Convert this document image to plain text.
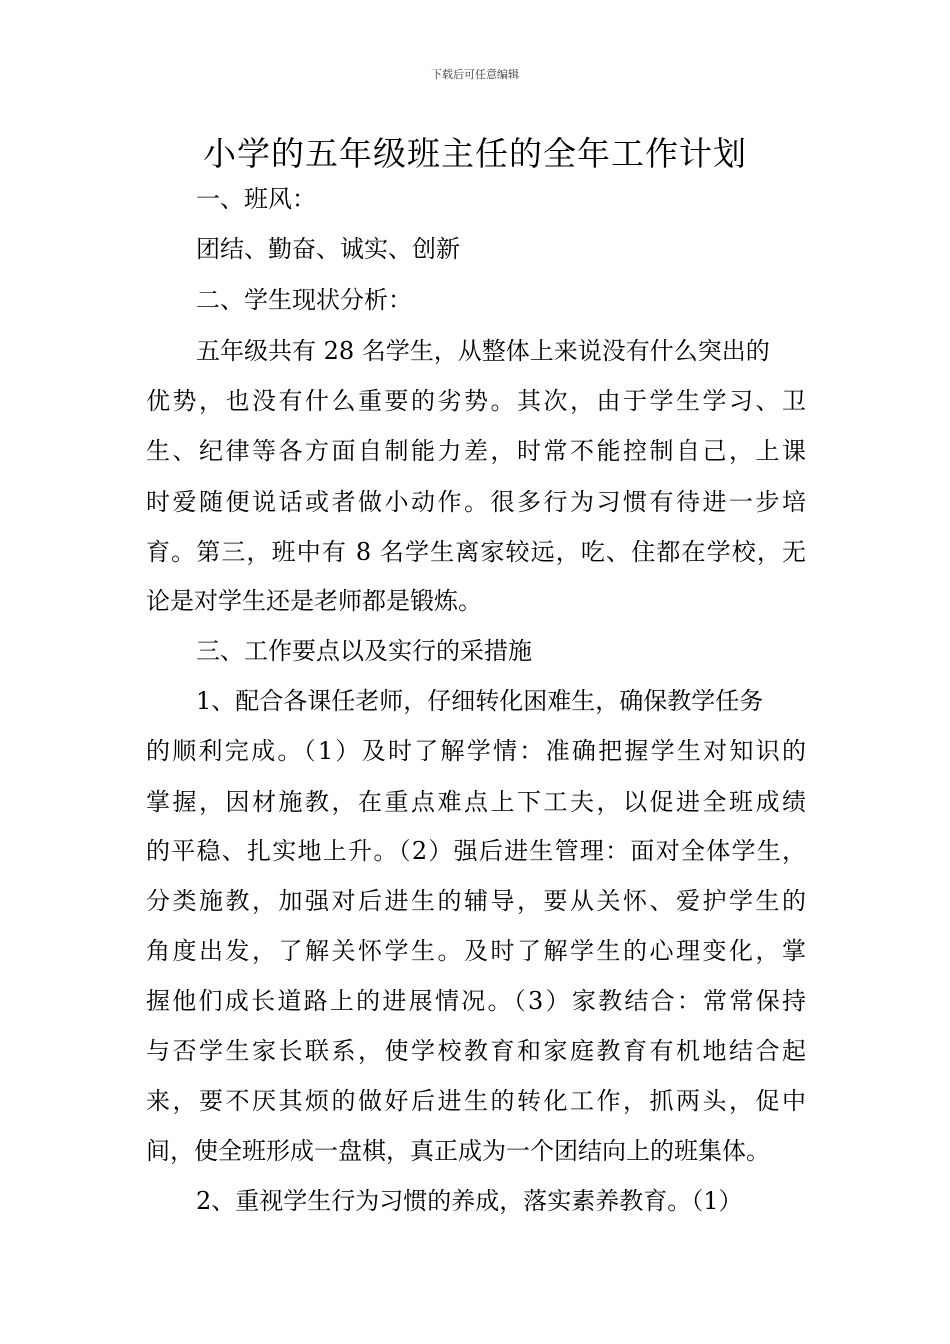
下载后可任意编辑
小学的五年级班主任的全年工作计划
一、班风：
团结、勤奋、诚实、创新
二、学生现状分析：
五年级共有 28 名学生，从整体上来说没有什么突出的
优势，也没有什么重要的劣势。其次，由于学生学习、卫
生、纪律等各方面自制能力差，时常不能控制自己，上课
时爱随便说话或者做小动作。很多行为习惯有待进一步培
育。第三，班中有 8 名学生离家较远，吃、住都在学校，无
论是对学生还是老师都是锻炼。
三、工作要点以及实行的采措施
1、配合各课任老师，仔细转化困难生，确保教学任务
的顺利完成。（1）及时了解学情：准确把握学生对知识的
掌握，因材施教，在重点难点上下工夫，以促进全班成绩
的平稳、扎实地上升。（2）强后进生管理：面对全体学生，
分类施教，加强对后进生的辅导，要从关怀、爱护学生的
角度出发，了解关怀学生。及时了解学生的心理变化，掌
握他们成长道路上的进展情况。（3）家教结合：常常保持
与否学生家长联系，使学校教育和家庭教育有机地结合起
来，要不厌其烦的做好后进生的转化工作，抓两头，促中
间，使全班形成一盘棋，真正成为一个团结向上的班集体。
2、重视学生行为习惯的养成，落实素养教育。（1）
